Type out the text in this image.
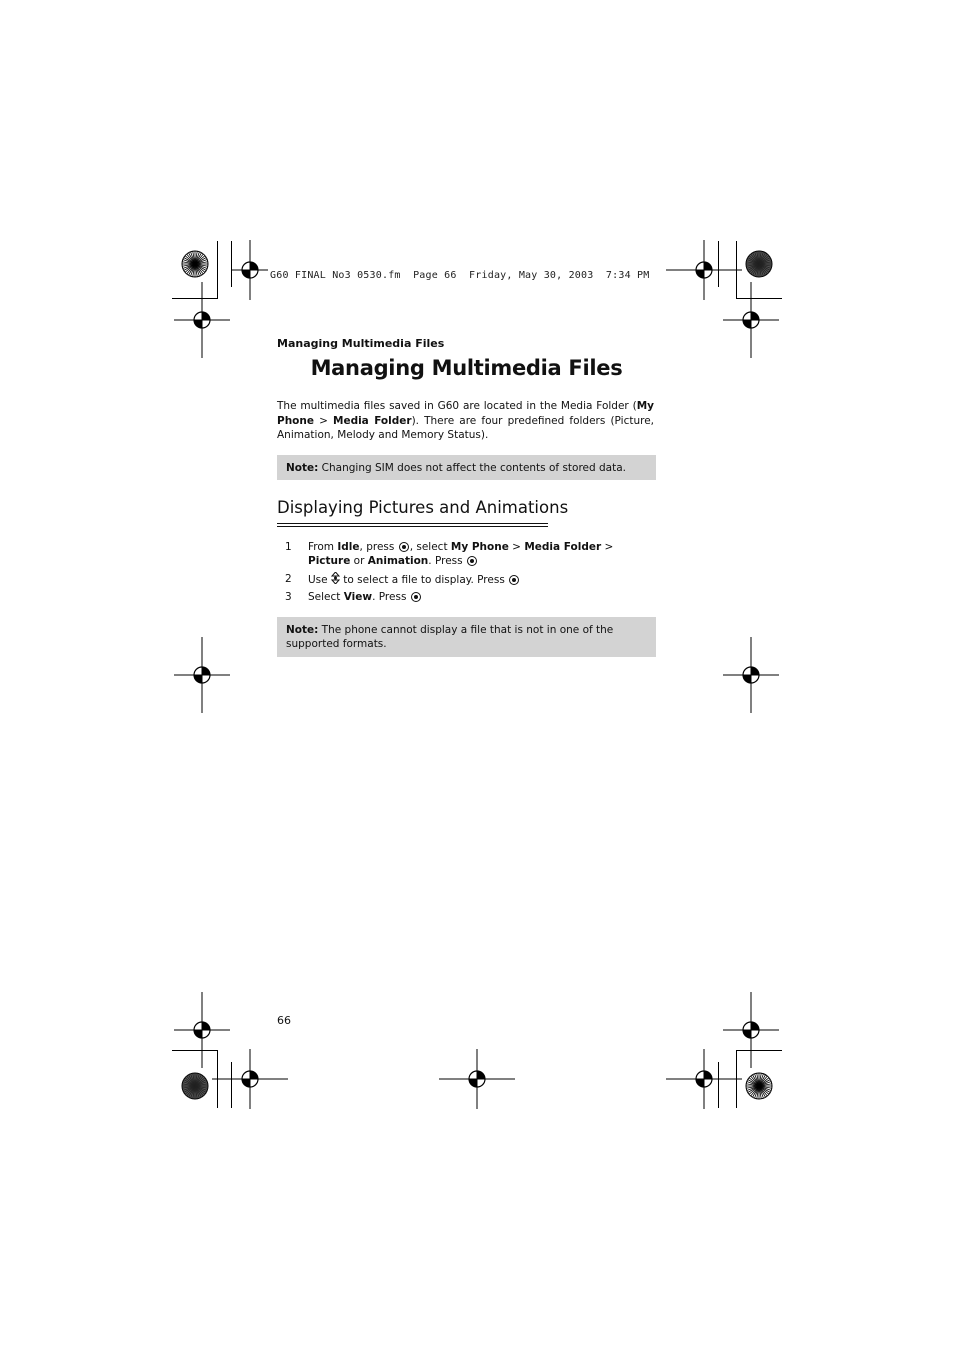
G60 FINAL No3 0530.fm  Page 66  Friday, May 30, 2003  7:34 PM
Managing Multimedia Files
Managing Multimedia Files
The multimedia files saved in G60 are located in the Media Folder (My Phone > Media Folder). There are four predefined folders (Picture, Animation, Melody and Memory Status).
Note: Changing SIM does not affect the contents of stored data.
Displaying Pictures and Animations
1 From Idle, press , select My Phone > Media Folder > Picture or Animation. Press
2 Use  to select a file to display. Press
3 Select View. Press
Note: The phone cannot display a file that is not in one of the supported formats.
66
